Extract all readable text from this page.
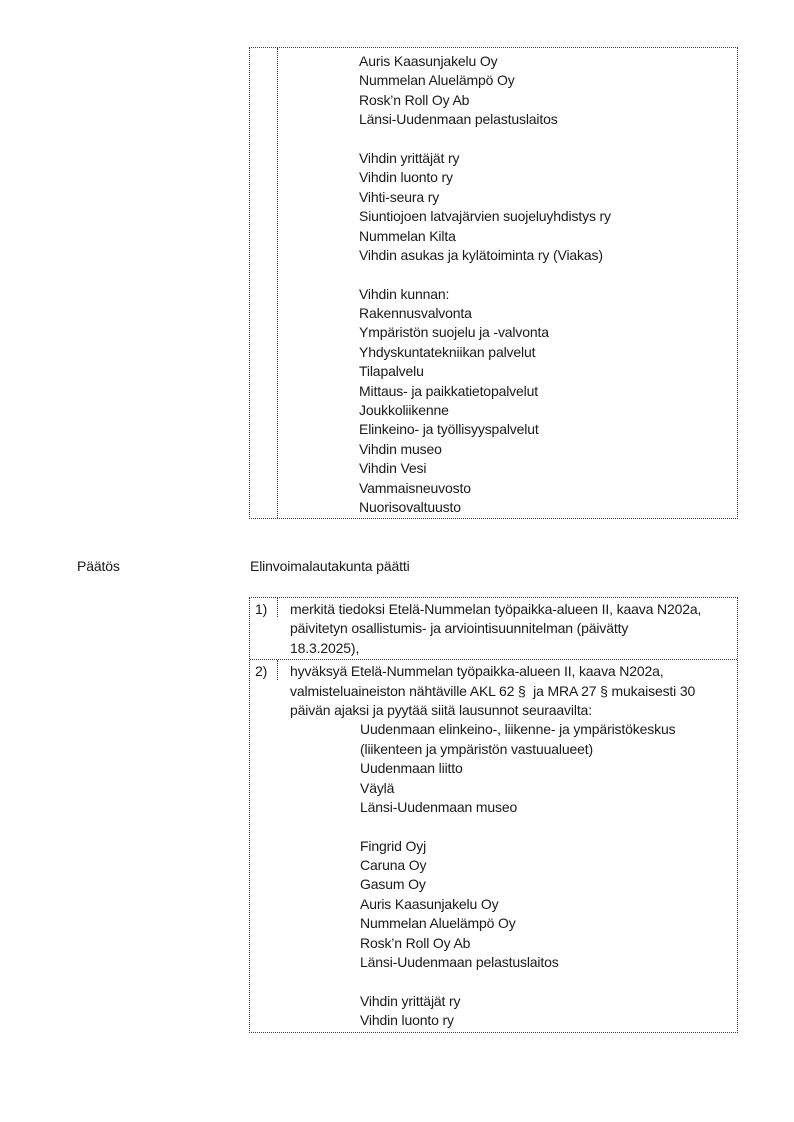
Auris Kaasunjakelu Oy
Nummelan Aluelämpö Oy
Rosk’n Roll Oy Ab
Länsi-Uudenmaan pelastuslaitos
Vihdin yrittäjät ry
Vihdin luonto ry
Vihti-seura ry
Siuntiojoen latvajärvien suojeluyhdistys ry
Nummelan Kilta
Vihdin asukas ja kylätoiminta ry (Viakas)
Vihdin kunnan:
Rakennusvalvonta
Ympäristön suojelu ja -valvonta
Yhdyskuntatekniikan palvelut
Tilapalvelu
Mittaus- ja paikkatietopalvelut
Joukkoliikenne
Elinkeino- ja työllisyyspalvelut
Vihdin museo
Vihdin Vesi
Vammaisneuvosto
Nuorisovaltuusto
Päätös	Elinvoimalautakunta päätti
1)	merkitä tiedoksi Etelä-Nummelan työpaikka-alueen II, kaava N202a,
päivitetyn osallistumis- ja arviointisuunnitelman (päivätty
18.3.2025),
2)	hyväksyä Etelä-Nummelan työpaikka-alueen II, kaava N202a,
valmisteluaineiston nähtäville AKL 62 §  ja MRA 27 § mukaisesti 30
päivän ajaksi ja pyytää siitä lausunnot seuraavilta:
Uudenmaan elinkeino-, liikenne- ja ympäristökeskus
(liikenteen ja ympäristön vastuualueet)
Uudenmaan liitto
Väylä
Länsi-Uudenmaan museo
Fingrid Oyj
Caruna Oy
Gasum Oy
Auris Kaasunjakelu Oy
Nummelan Aluelämpö Oy
Rosk’n Roll Oy Ab
Länsi-Uudenmaan pelastuslaitos
Vihdin yrittäjät ry
Vihdin luonto ry
